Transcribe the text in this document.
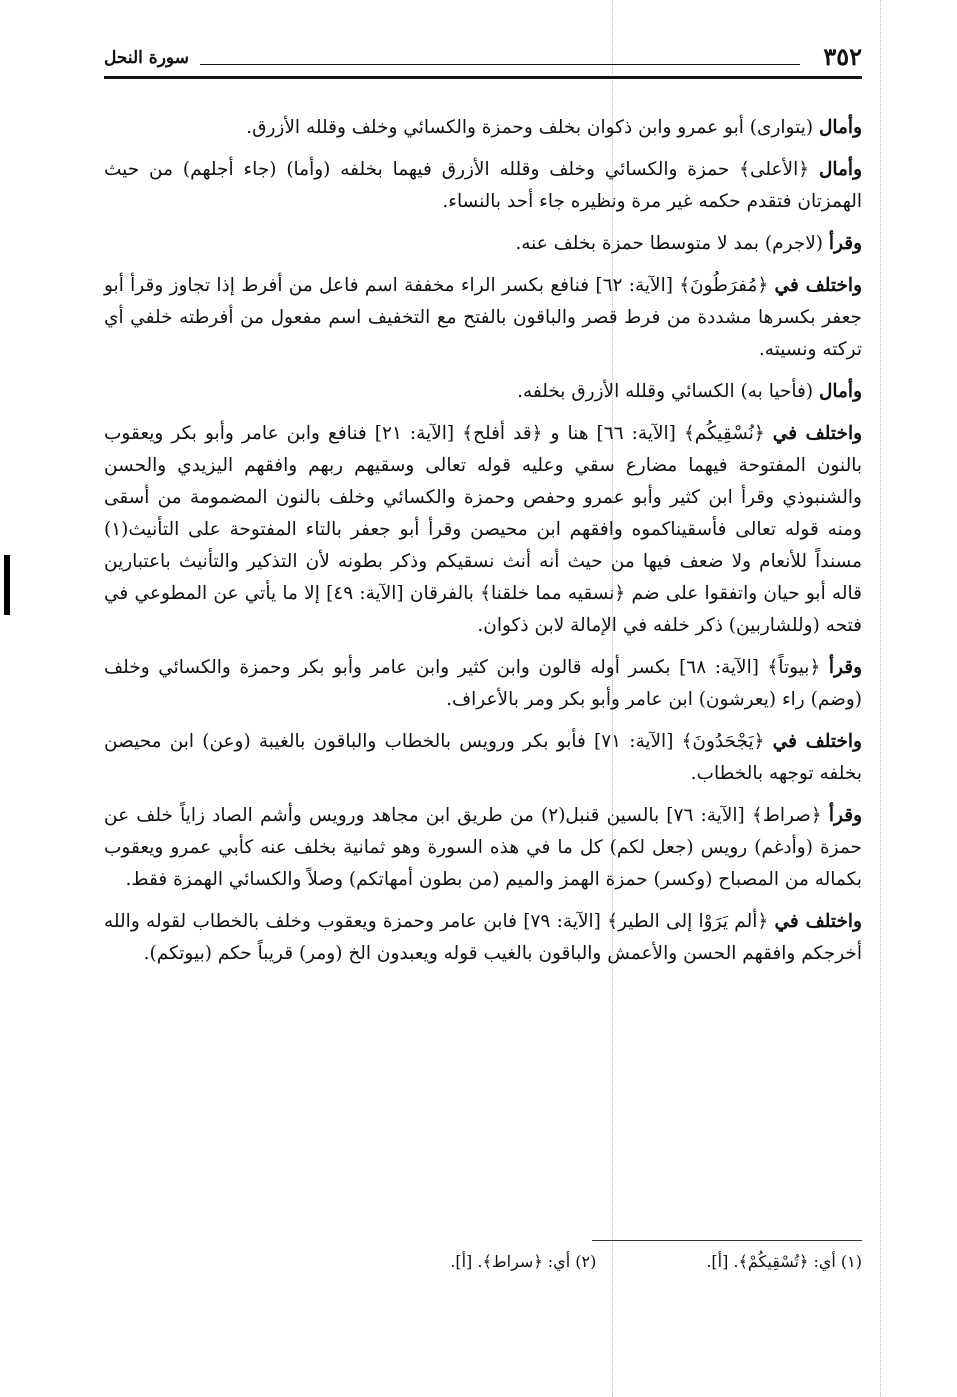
٣٥٢
سورة النحل

وأمال (يتوارى) أبو عمرو وابن ذكوان بخلف وحمزة والكسائي وخلف وقلله الأزرق.

وأمال ﴿الأعلى﴾ حمزة والكسائي وخلف وقلله الأزرق فيهما بخلفه (وأما) (جاء أجلهم) من حيث الهمزتان فتقدم حكمه غير مرة ونظيره جاء أحد بالنساء.

وقرأ (لاجرم) بمد لا متوسطا حمزة بخلف عنه.

واختلف في ﴿مُفرَطُونَ﴾ [الآية: ٦٢] فنافع بكسر الراء مخففة اسم فاعل من أفرط إذا تجاوز وقرأ أبو جعفر بكسرها مشددة من فرط قصر والباقون بالفتح مع التخفيف اسم مفعول من أفرطته خلفي أي تركته ونسيته.

وأمال (فأحيا به) الكسائي وقلله الأزرق بخلفه.

واختلف في ﴿نُسْقِيكُم﴾ [الآية: ٦٦] هنا و ﴿قد أفلح﴾ [الآية: ٢١] فنافع وابن عامر وأبو بكر ويعقوب بالنون المفتوحة فيهما مضارع سقي وعليه قوله تعالى وسقيهم ربهم وافقهم اليزيدي والحسن والشنبوذي وقرأ ابن كثير وأبو عمرو وحفص وحمزة والكسائي وخلف بالنون المضمومة من أسقى ومنه قوله تعالى فأسقيناكموه وافقهم ابن محيصن وقرأ أبو جعفر بالتاء المفتوحة على التأنيث(١) مسنداً للأنعام ولا ضعف فيها من حيث أنه أنث نسقيكم وذكر بطونه لأن التذكير والتأنيث باعتبارين قاله أبو حيان واتفقوا على ضم ﴿نسقيه مما خلقنا﴾ بالفرقان [الآية: ٤٩] إلا ما يأتي عن المطوعي في فتحه (وللشاربين) ذكر خلفه في الإمالة لابن ذكوان.

وقرأ ﴿بيوتاً﴾ [الآية: ٦٨] بكسر أوله قالون وابن كثير وابن عامر وأبو بكر وحمزة والكسائي وخلف (وضم) راء (يعرشون) ابن عامر وأبو بكر ومر بالأعراف.

واختلف في ﴿يَجْحَدُونَ﴾ [الآية: ٧١] فأبو بكر ورويس بالخطاب والباقون بالغيبة (وعن) ابن محيصن بخلفه توجهه بالخطاب.

وقرأ ﴿صراط﴾ [الآية: ٧٦] بالسين قنبل(٢) من طريق ابن مجاهد ورويس وأشم الصاد زاياً خلف عن حمزة (وأدغم) رويس (جعل لكم) كل ما في هذه السورة وهو ثمانية بخلف عنه كأبي عمرو ويعقوب بكماله من المصباح (وكسر) حمزة الهمز والميم (من بطون أمهاتكم) وصلاً والكسائي الهمزة فقط.

واختلف في ﴿ألم يَرَوْا إلى الطير﴾ [الآية: ٧٩] فابن عامر وحمزة ويعقوب وخلف بالخطاب لقوله والله أخرجكم وافقهم الحسن والأعمش والباقون بالغيب قوله ويعبدون الخ (ومر) قريباً حكم (بيوتكم).

(١) أي: ﴿تُسْقِيكُمْ﴾. [أ].
(٢) أي: ﴿سراط﴾. [أ].
